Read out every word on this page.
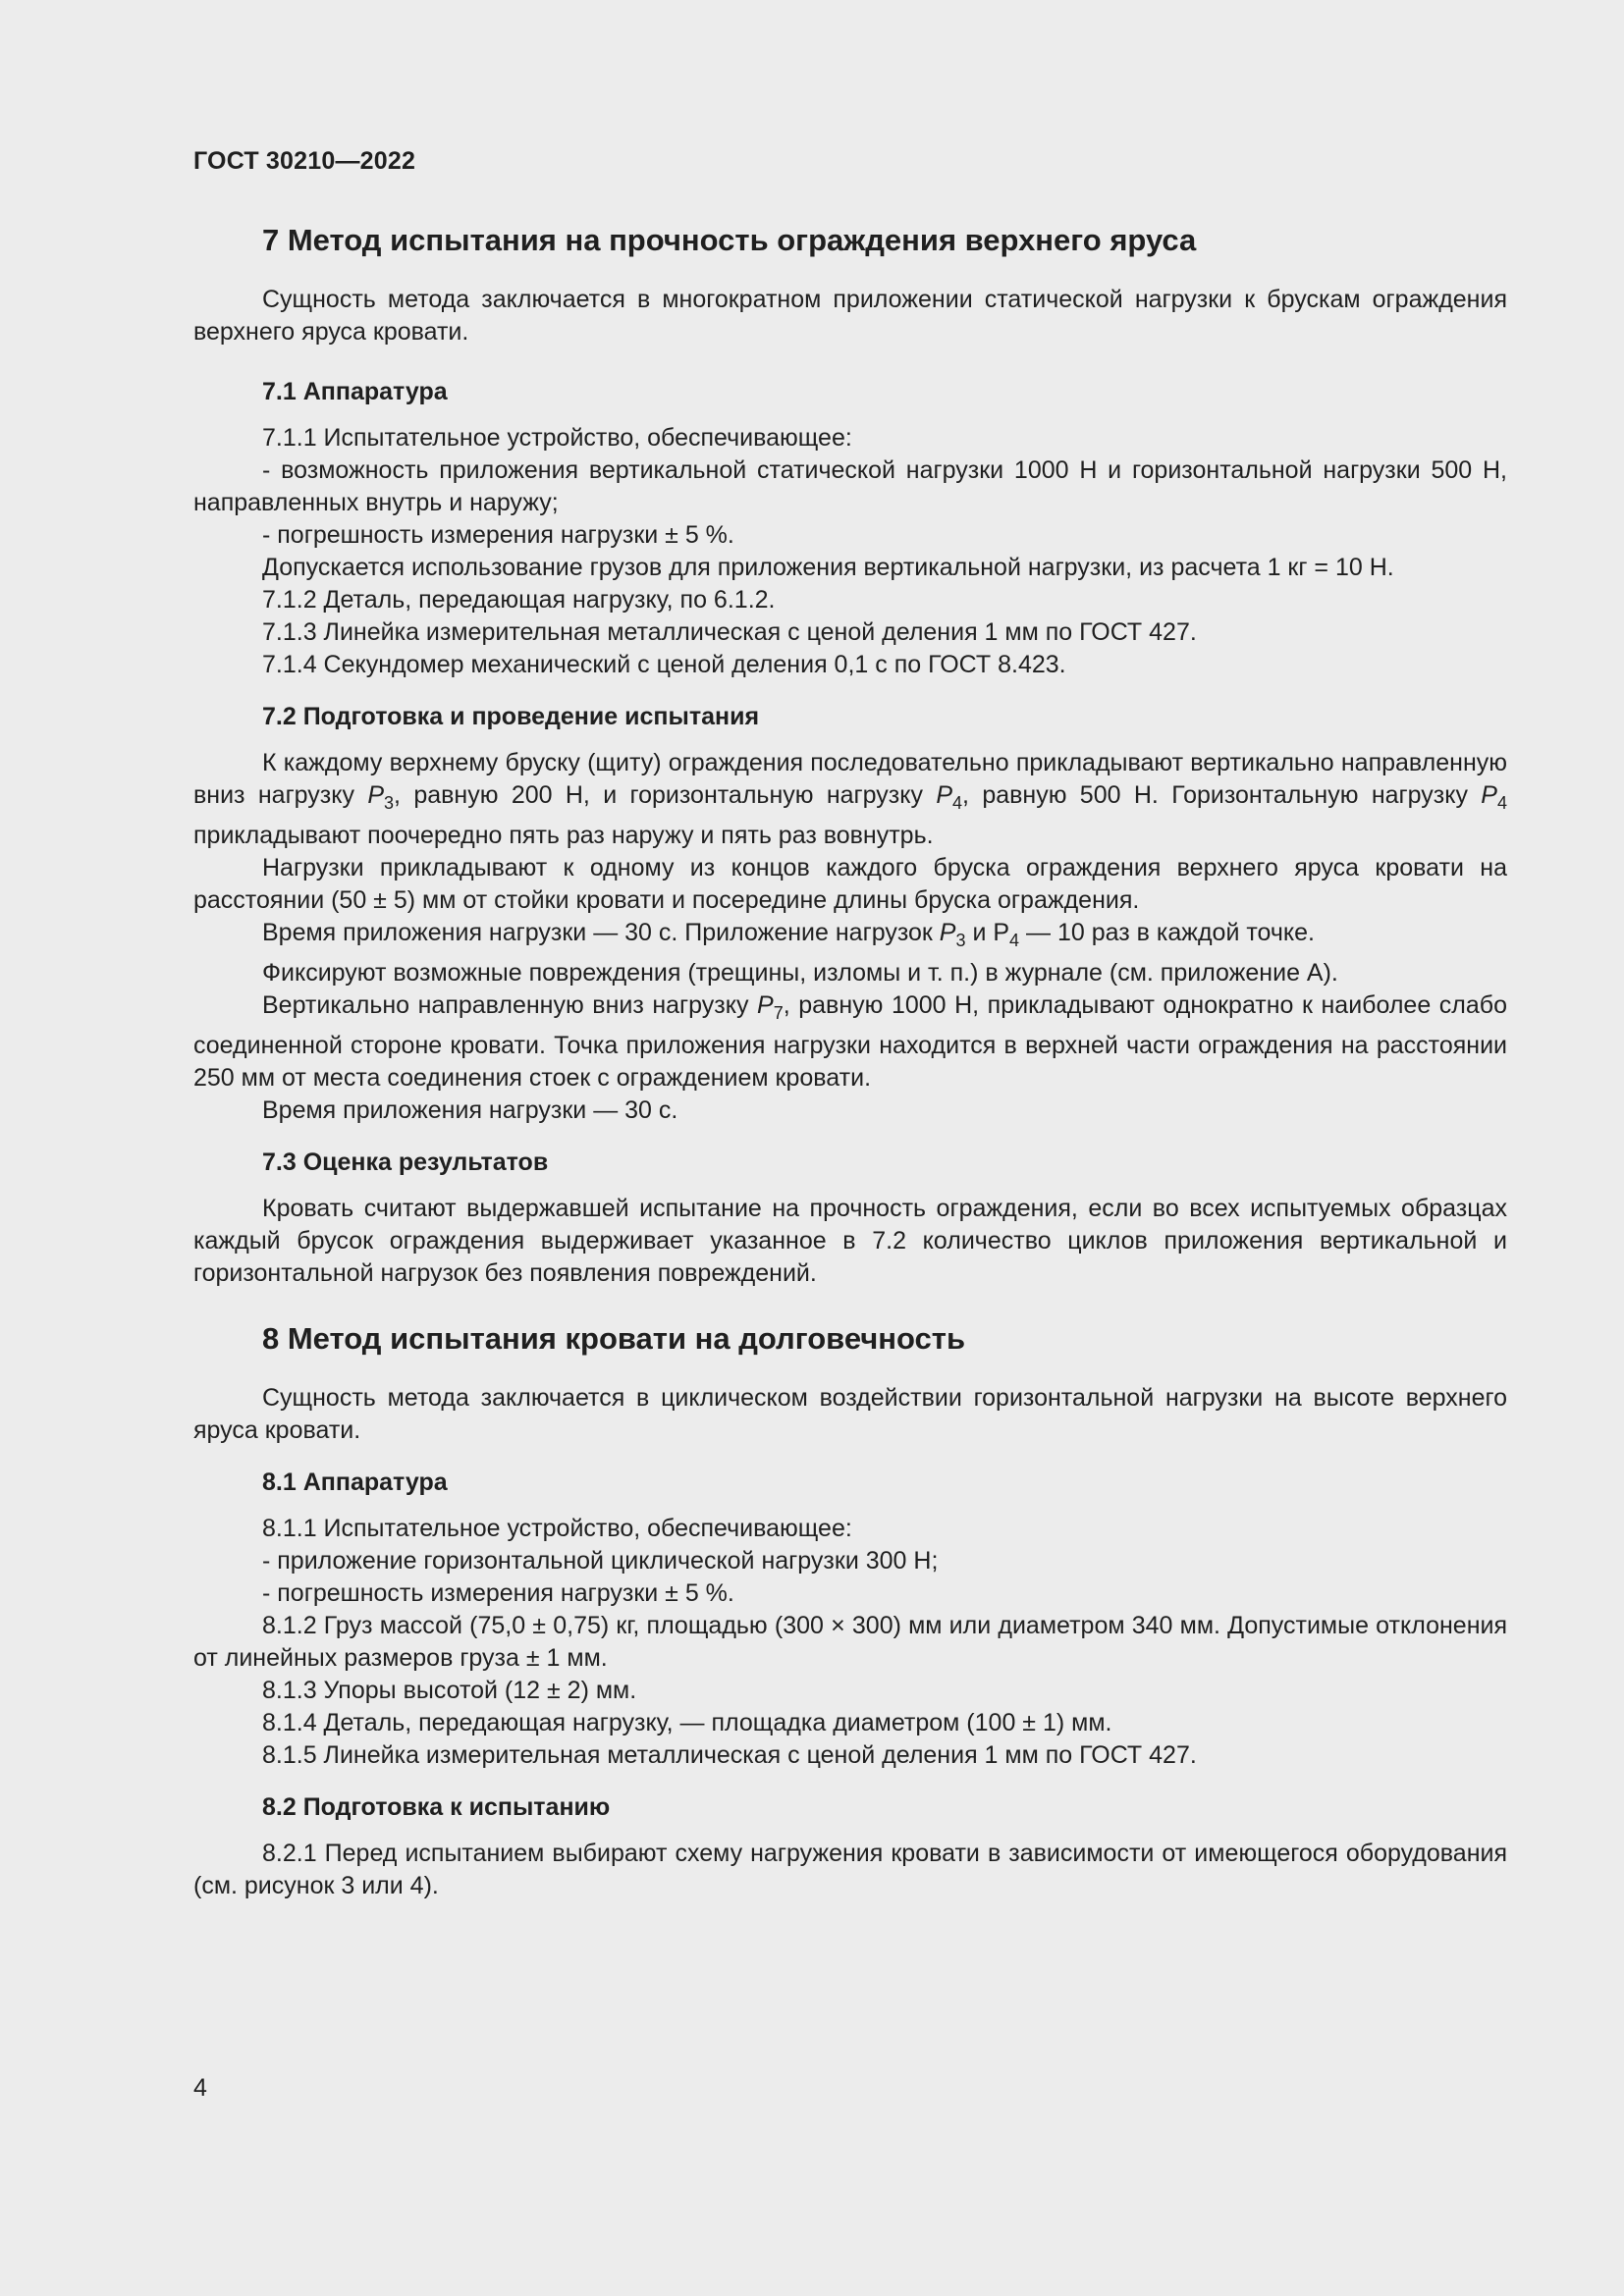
ГОСТ 30210—2022
7 Метод испытания на прочность ограждения верхнего яруса

Сущность метода заключается в многократном приложении статической нагрузки к брускам ограждения верхнего яруса кровати.

7.1 Аппаратура

7.1.1 Испытательное устройство, обеспечивающее:

- возможность приложения вертикальной статической нагрузки 1000 Н и горизонтальной нагрузки 500 Н, направленных внутрь и наружу;

- погрешность измерения нагрузки ± 5 %.

Допускается использование грузов для приложения вертикальной нагрузки, из расчета 1 кг = 10 Н.

7.1.2 Деталь, передающая нагрузку, по 6.1.2.

7.1.3 Линейка измерительная металлическая с ценой деления 1 мм по ГОСТ 427.

7.1.4 Секундомер механический с ценой деления 0,1 с по ГОСТ 8.423.

7.2 Подготовка и проведение испытания

К каждому верхнему бруску (щиту) ограждения последовательно прикладывают вертикально направленную вниз нагрузку $P_3$, равную 200 Н, и горизонтальную нагрузку $P_4$, равную 500 Н. Горизонтальную нагрузку $P_4$ прикладывают поочередно пять раз наружу и пять раз вовнутрь.

Нагрузки прикладывают к одному из концов каждого бруска ограждения верхнего яруса кровати на расстоянии (50 ± 5) мм от стойки кровати и посередине длины бруска ограждения.

Время приложения нагрузки — 30 с. Приложение нагрузок $P_3$ и $Р_4$ — 10 раз в каждой точке.

Фиксируют возможные повреждения (трещины, изломы и т. п.) в журнале (см. приложение А).

Вертикально направленную вниз нагрузку $P_7$, равную 1000 Н, прикладывают однократно к наиболее слабо соединенной стороне кровати. Точка приложения нагрузки находится в верхней части ограждения на расстоянии 250 мм от места соединения стоек с ограждением кровати.

Время приложения нагрузки — 30 с.

7.3 Оценка результатов

Кровать считают выдержавшей испытание на прочность ограждения, если во всех испытуемых образцах каждый брусок ограждения выдерживает указанное в 7.2 количество циклов приложения вертикальной и горизонтальной нагрузок без появления повреждений.

8 Метод испытания кровати на долговечность

Сущность метода заключается в циклическом воздействии горизонтальной нагрузки на высоте верхнего яруса кровати.

8.1 Аппаратура

8.1.1 Испытательное устройство, обеспечивающее:

- приложение горизонтальной циклической нагрузки 300 Н;

- погрешность измерения нагрузки ± 5 %.

8.1.2 Груз массой (75,0 ± 0,75) кг, площадью (300 × 300) мм или диаметром 340 мм. Допустимые отклонения от линейных размеров груза ± 1 мм.

8.1.3 Упоры высотой (12 ± 2) мм.

8.1.4 Деталь, передающая нагрузку, — площадка диаметром (100 ± 1) мм.

8.1.5 Линейка измерительная металлическая с ценой деления 1 мм по ГОСТ 427.

8.2 Подготовка к испытанию

8.2.1 Перед испытанием выбирают схему нагружения кровати в зависимости от имеющегося оборудования (см. рисунок 3 или 4).

4
